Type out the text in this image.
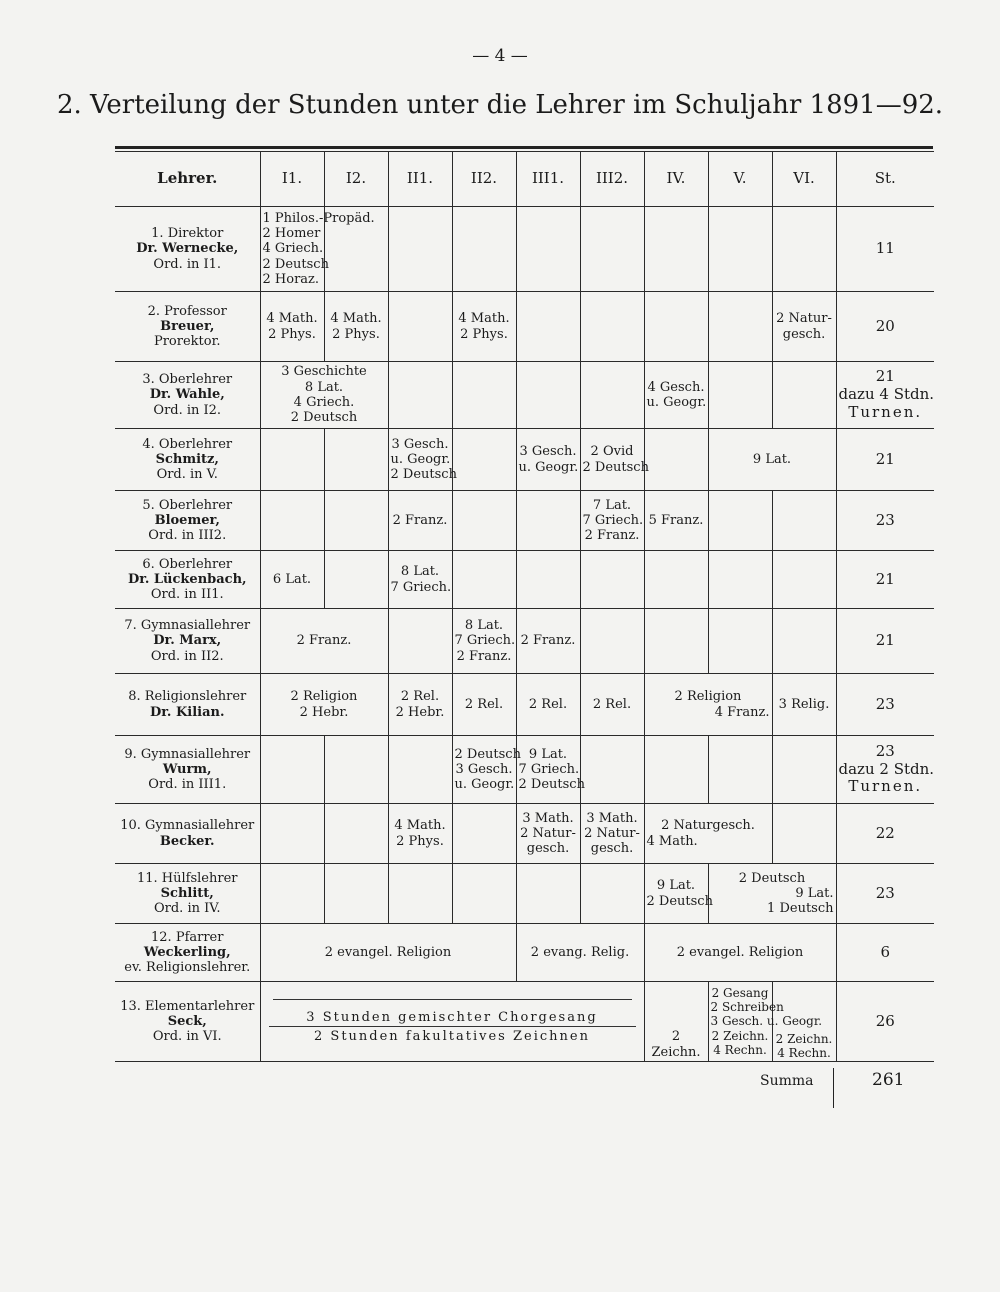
— 4 —
2. Verteilung der Stunden unter die Lehrer im Schuljahr 1891—92.
Lehrer.	I1.	I2.	II1.	II2.	III1.	III2.	IV.	V.	VI.	St.

1. Direktor
Dr. Wernecke,
Ord. in I1.	1 Philos.-Propäd.
2 Homer
4 Griech.
2 Deutsch
2 Horaz.									11

2. Professor
Breuer,
Prorektor.	4 Math.
2 Phys.	4 Math.
2 Phys.		4 Math.
2 Phys.					2 Natur-
gesch.	20

3. Oberlehrer
Dr. Wahle,
Ord. in I2.	3 Geschichte
8 Lat.
4 Griech.
2 Deutsch						4 Gesch.
u. Geogr.			21
dazu 4 Stdn.
Turnen.

4. Oberlehrer
Schmitz,
Ord. in V.			3 Gesch.
u. Geogr.
2 Deutsch		3 Gesch.
u. Geogr.	2 Ovid
2 Deutsch		9 Lat.		21

5. Oberlehrer
Bloemer,
Ord. in III2.			2 Franz.			7 Lat.
7 Griech.
2 Franz.	5 Franz.			23

6. Oberlehrer
Dr. Lückenbach,
Ord. in II1.	6 Lat.		8 Lat.
7 Griech.							21

7. Gymnasiallehrer
Dr. Marx,
Ord. in II2.	2 Franz.			8 Lat.
7 Griech.
2 Franz.	2 Franz.					21

8. Religionslehrer
Dr. Kilian.	2 Religion
2 Hebr.		2 Rel.
2 Hebr.	2 Rel.	2 Rel.	2 Rel.	2 Religion
4 Franz.		3 Relig.	23

9. Gymnasiallehrer
Wurm,
Ord. in III1.				2 Deutsch
3 Gesch.
u. Geogr.	9 Lat.
7 Griech.
2 Deutsch					23
dazu 2 Stdn.
Turnen.

10. Gymnasiallehrer
Becker.			4 Math.
2 Phys.		3 Math.
2 Natur-
gesch.	3 Math.
2 Natur-
gesch.	2 Naturgesch.
4 Math.			22

11. Hülfslehrer
Schlitt,
Ord. in IV.							9 Lat.
2 Deutsch	2 Deutsch
9 Lat.
1 Deutsch		23

12. Pfarrer
Weckerling,
ev. Religionslehrer.	2 evangel. Religion				2 evang. Relig.		2 evangel. Religion			6

13. Elementarlehrer
Seck,
Ord. in VI.	3 Stunden gemischter Chorgesang
2 Stunden fakultatives Zeichnen						2 Zeichn.	2 Gesang
2 Schreiben
3 Gesch. u. Geogr.
2 Zeichn.
4 Rechn.	2 Zeichn.
4 Rechn.	26
Summa	261
